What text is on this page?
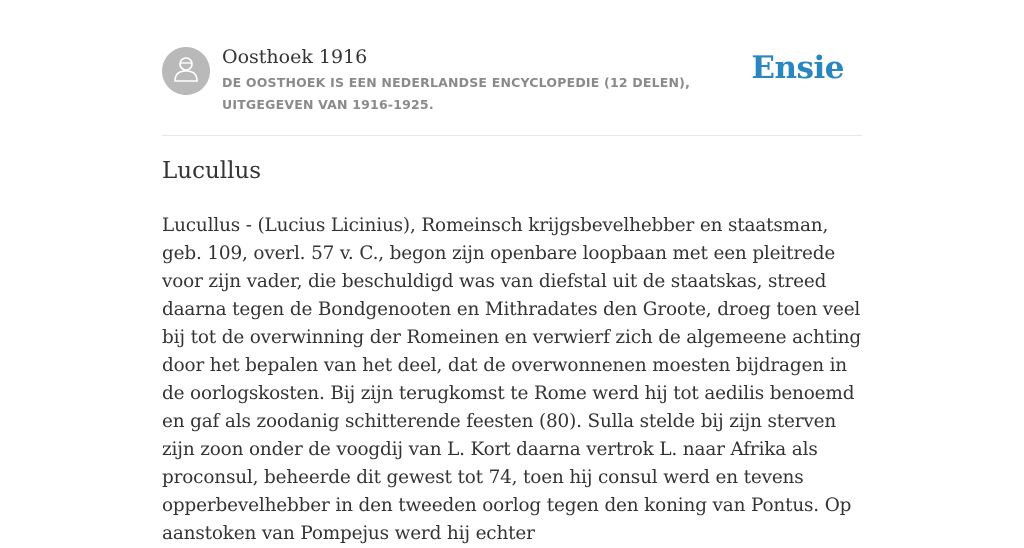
Oosthoek 1916
DE OOSTHOEK IS EEN NEDERLANDSE ENCYCLOPEDIE (12 DELEN), UITGEGEVEN VAN 1916-1925.
Ensie
Lucullus

Lucullus - (Lucius Licinius), Romeinsch krijgsbevelhebber en staatsman, geb. 109, overl. 57 v. C., begon zijn openbare loopbaan met een pleitrede voor zijn vader, die beschuldigd was van diefstal uit de staatskas, streed daarna tegen de Bondgenooten en Mithradates den Groote, droeg toen veel bij tot de overwinning der Romeinen en verwierf zich de algemeene achting door het bepalen van het deel, dat de overwonnenen moesten bijdragen in de oorlogskosten. Bij zijn terugkomst te Rome werd hij tot aedilis benoemd en gaf als zoodanig schitterende feesten (80). Sulla stelde bij zijn sterven zijn zoon onder de voogdij van L. Kort daarna vertrok L. naar Afrika als proconsul, beheerde dit gewest tot 74, toen hij consul werd en tevens opperbevelhebber in den tweeden oorlog tegen den koning van Pontus. Op aanstoken van Pompejus werd hij echter
